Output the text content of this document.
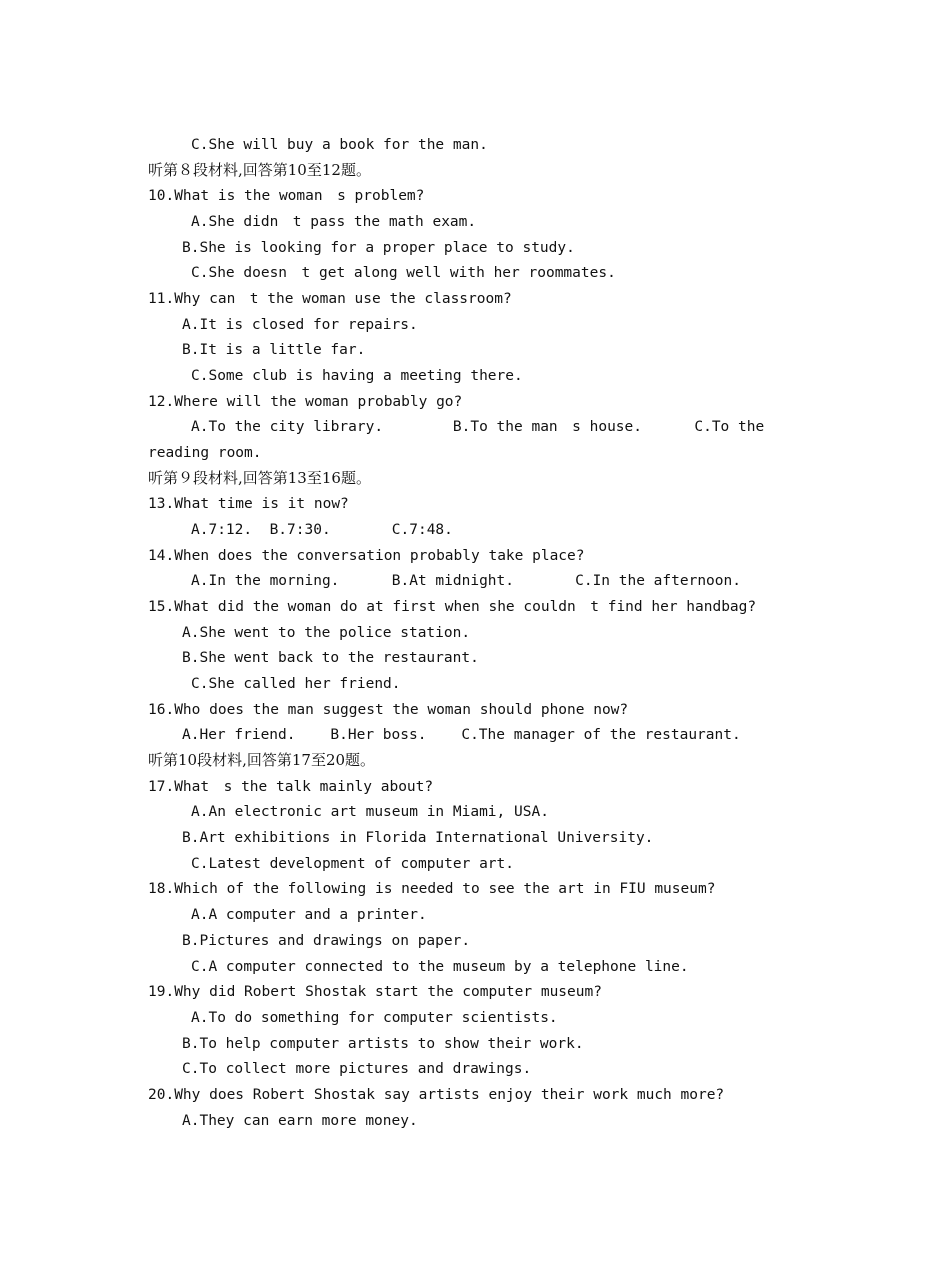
C.She will buy a book for the man.
听第８段材料,回答第10至12题。
10.What is the woman　s problem?
A.She didn　t pass the math exam.
B.She is looking for a proper place to study.
C.She doesn　t get along well with her roommates.
11.Why can　t the woman use the classroom?
A.It is closed for repairs.
B.It is a little far.
C.Some club is having a meeting there.
12.Where will the woman probably go?
A.To the city library.        B.To the man　s house.      C.To the
reading room.
听第９段材料,回答第13至16题。
13.What time is it now?
A.7:12.  B.7:30.       C.7:48.
14.When does the conversation probably take place?
A.In the morning.      B.At midnight.       C.In the afternoon.
15.What did the woman do at first when she couldn　t find her handbag?
A.She went to the police station.
B.She went back to the restaurant.
C.She called her friend.
16.Who does the man suggest the woman should phone now?
A.Her friend.    B.Her boss.    C.The manager of the restaurant.
听第10段材料,回答第17至20题。
17.What　s the talk mainly about?
A.An electronic art museum in Miami, USA.
B.Art exhibitions in Florida International University.
C.Latest development of computer art.
18.Which of the following is needed to see the art in FIU museum?
A.A computer and a printer.
B.Pictures and drawings on paper.
C.A computer connected to the museum by a telephone line.
19.Why did Robert Shostak start the computer museum?
A.To do something for computer scientists.
B.To help computer artists to show their work.
C.To collect more pictures and drawings.
20.Why does Robert Shostak say artists enjoy their work much more?
A.They can earn more money.
